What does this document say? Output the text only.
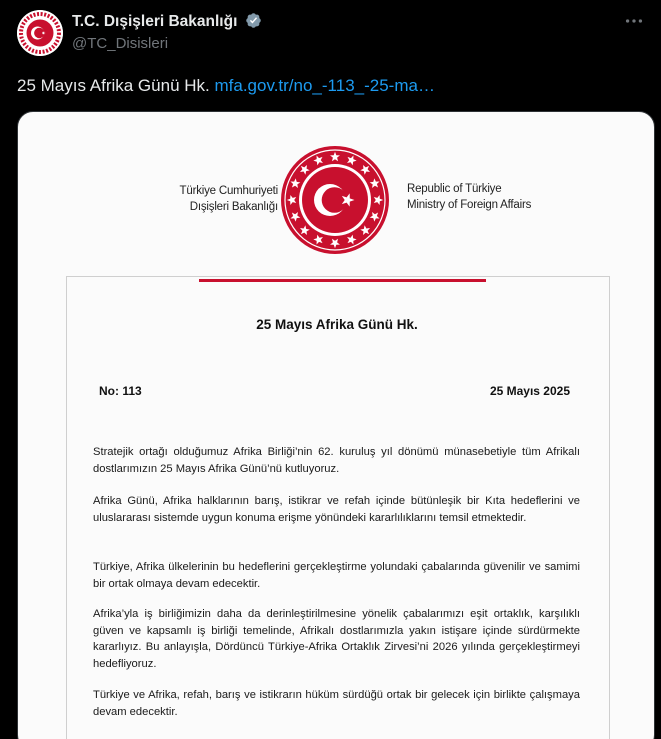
T.C. Dışişleri Bakanlığı
@TC_Disisleri
25 Mayıs Afrika Günü Hk. mfa.gov.tr/no_-113_-25-ma…
Türkiye Cumhuriyeti
Dışişleri Bakanlığı
Republic of Türkiye
Ministry of Foreign Affairs
25 Mayıs Afrika Günü Hk.
No: 113	25 Mayıs 2025
Stratejik ortağı olduğumuz Afrika Birliği’nin 62. kuruluş yıl dönümü münasebetiyle tüm Afrikalı dostlarımızın 25 Mayıs Afrika Günü’nü kutluyoruz.
Afrika Günü, Afrika halklarının barış, istikrar ve refah içinde bütünleşik bir Kıta hedeflerini ve uluslararası sistemde uygun konuma erişme yönündeki kararlılıklarını temsil etmektedir.
Türkiye, Afrika ülkelerinin bu hedeflerini gerçekleştirme yolundaki çabalarında güvenilir ve samimi bir ortak olmaya devam edecektir.
Afrika’yla iş birliğimizin daha da derinleştirilmesine yönelik çabalarımızı eşit ortaklık, karşılıklı güven ve kapsamlı iş birliği temelinde, Afrikalı dostlarımızla yakın istişare içinde sürdürmekte kararlıyız. Bu anlayışla, Dördüncü Türkiye-Afrika Ortaklık Zirvesi’ni 2026 yılında gerçekleştirmeyi hedefliyoruz.
Türkiye ve Afrika, refah, barış ve istikrarın hüküm sürdüğü ortak bir gelecek için birlikte çalışmaya devam edecektir.
